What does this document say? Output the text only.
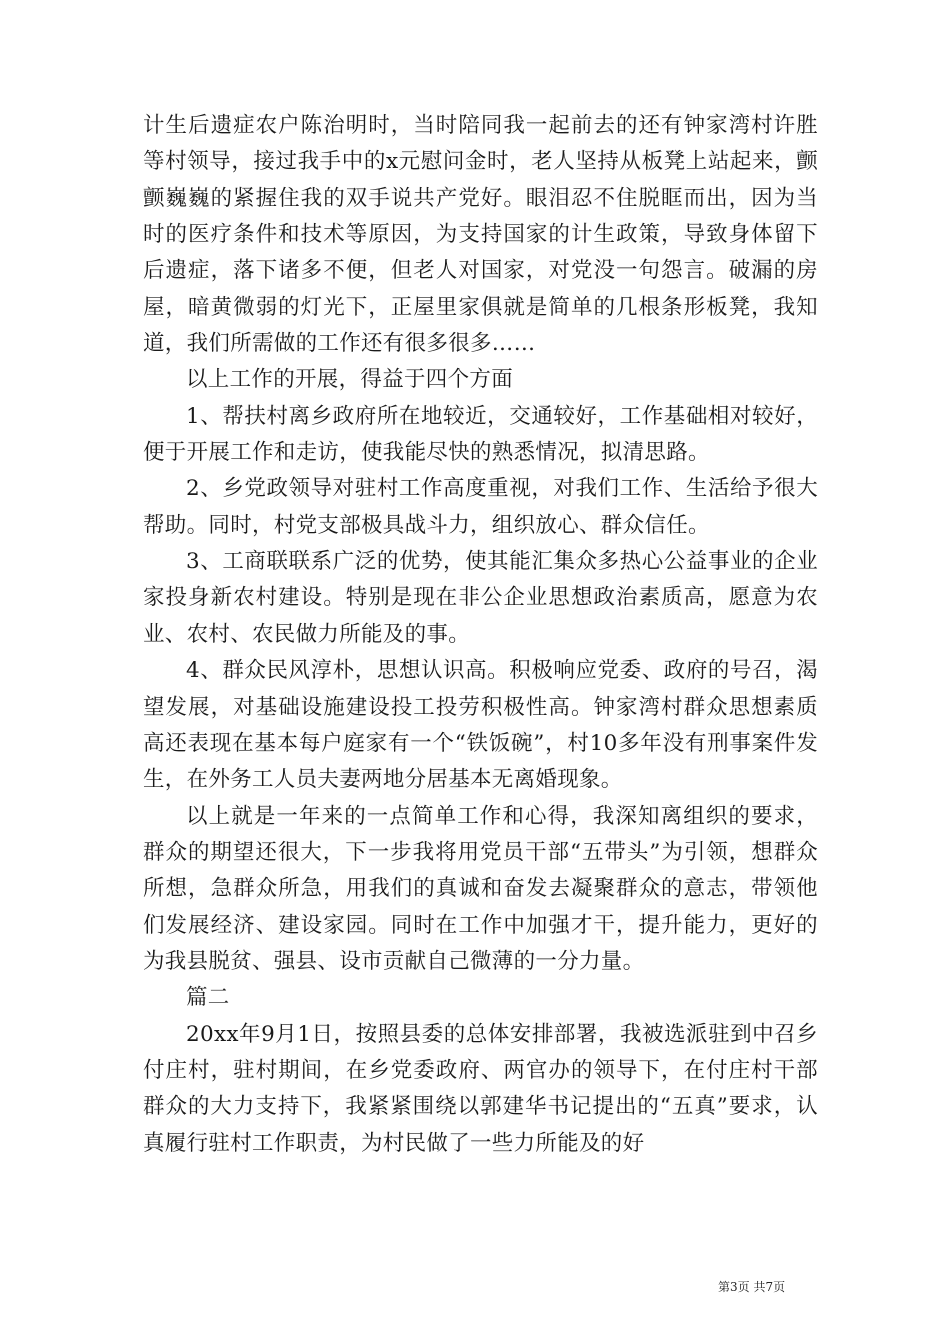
计生后遗症农户陈治明时，当时陪同我一起前去的还有钟家湾村许胜等村领导，接过我手中的x元慰问金时，老人坚持从板凳上站起来，颤颤巍巍的紧握住我的双手说共产党好。眼泪忍不住脱眶而出，因为当时的医疗条件和技术等原因，为支持国家的计生政策，导致身体留下后遗症，落下诸多不便，但老人对国家，对党没一句怨言。破漏的房屋，暗黄微弱的灯光下，正屋里家俱就是简单的几根条形板凳，我知道，我们所需做的工作还有很多很多……

以上工作的开展，得益于四个方面

1、帮扶村离乡政府所在地较近，交通较好，工作基础相对较好，便于开展工作和走访，使我能尽快的熟悉情况，拟清思路。

2、乡党政领导对驻村工作高度重视，对我们工作、生活给予很大帮助。同时，村党支部极具战斗力，组织放心、群众信任。

3、工商联联系广泛的优势，使其能汇集众多热心公益事业的企业家投身新农村建设。特别是现在非公企业思想政治素质高，愿意为农业、农村、农民做力所能及的事。

4、群众民风淳朴，思想认识高。积极响应党委、政府的号召，渴望发展，对基础设施建设投工投劳积极性高。钟家湾村群众思想素质高还表现在基本每户庭家有一个“铁饭碗”，村10多年没有刑事案件发生，在外务工人员夫妻两地分居基本无离婚现象。

以上就是一年来的一点简单工作和心得，我深知离组织的要求，群众的期望还很大，下一步我将用党员干部“五带头”为引领，想群众所想，急群众所急，用我们的真诚和奋发去凝聚群众的意志，带领他们发展经济、建设家园。同时在工作中加强才干，提升能力，更好的为我县脱贫、强县、设市贡献自己微薄的一分力量。

篇二

20xx年9月1日，按照县委的总体安排部署，我被选派驻到中召乡付庄村，驻村期间，在乡党委政府、两官办的领导下，在付庄村干部群众的大力支持下，我紧紧围绕以郭建华书记提出的“五真”要求，认真履行驻村工作职责，为村民做了一些力所能及的好

第3页 共7页
